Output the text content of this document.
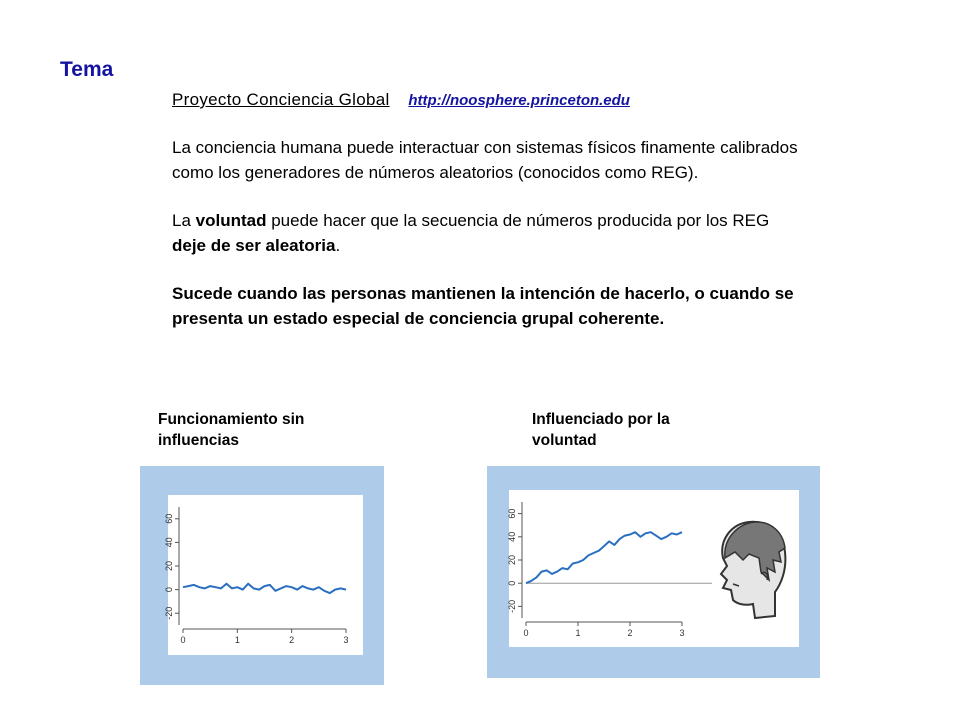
Tema
Proyecto Conciencia Global http://noosphere.princeton.edu

La conciencia humana puede interactuar con sistemas físicos finamente calibrados como los generadores de números aleatorios (conocidos como REG).

La voluntad puede hacer que la secuencia de números producida por los REG deje de ser aleatoria.

Sucede cuando las personas mantienen la intención de hacerlo, o cuando se presenta un estado especial de conciencia grupal coherente.

Funcionamiento sin influencias
Influenciado por la voluntad
-20
0
20
40
60
0	1	2	3
-20
0
20
40
60
0	1	2	3
